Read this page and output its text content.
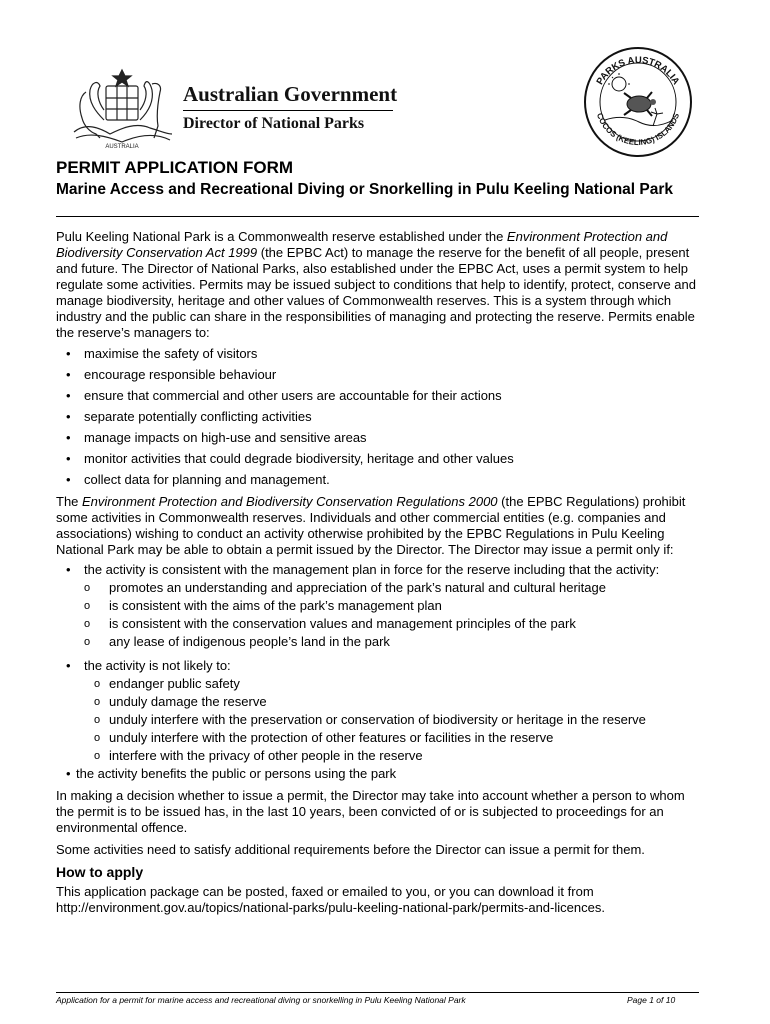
AUSTRALIA
Australian Government
Director of National Parks
PARKS AUSTRALIA
COCOS (KEELING) ISLANDS
PERMIT APPLICATION FORM
Marine Access and Recreational Diving or Snorkelling in Pulu Keeling National Park

Pulu Keeling National Park is a Commonwealth reserve established under the Environment Protection and Biodiversity Conservation Act 1999 (the EPBC Act) to manage the reserve for the benefit of all people, present and future. The Director of National Parks, also established under the EPBC Act, uses a permit system to help regulate some activities. Permits may be issued subject to conditions that help to identify, protect, conserve and manage biodiversity, heritage and other values of Commonwealth reserves. This is a system through which industry and the public can share in the responsibilities of managing and protecting the reserve. Permits enable the reserve’s managers to:

• maximise the safety of visitors
• encourage responsible behaviour
• ensure that commercial and other users are accountable for their actions
• separate potentially conflicting activities
• manage impacts on high-use and sensitive areas
• monitor activities that could degrade biodiversity, heritage and other values
• collect data for planning and management.

The Environment Protection and Biodiversity Conservation Regulations 2000 (the EPBC Regulations) prohibit some activities in Commonwealth reserves. Individuals and other commercial entities (e.g. companies and associations) wishing to conduct an activity otherwise prohibited by the EPBC Regulations in Pulu Keeling National Park may be able to obtain a permit issued by the Director. The Director may issue a permit only if:

• the activity is consistent with the management plan in force for the reserve including that the activity:
o promotes an understanding and appreciation of the park’s natural and cultural heritage
o is consistent with the aims of the park’s management plan
o is consistent with the conservation values and management principles of the park
o any lease of indigenous people’s land in the park
• the activity is not likely to:
o endanger public safety
o unduly damage the reserve
o unduly interfere with the preservation or conservation of biodiversity or heritage in the reserve
o unduly interfere with the protection of other features or facilities in the reserve
o interfere with the privacy of other people in the reserve
• the activity benefits the public or persons using the park

In making a decision whether to issue a permit, the Director may take into account whether a person to whom the permit is to be issued has, in the last 10 years, been convicted of or is subjected to proceedings for an environmental offence.

Some activities need to satisfy additional requirements before the Director can issue a permit for them.

How to apply

This application package can be posted, faxed or emailed to you, or you can download it from http://environment.gov.au/topics/national-parks/pulu-keeling-national-park/permits-and-licences.

Application for a permit for marine access and recreational diving or snorkelling in Pulu Keeling National Park	Page 1 of 10
